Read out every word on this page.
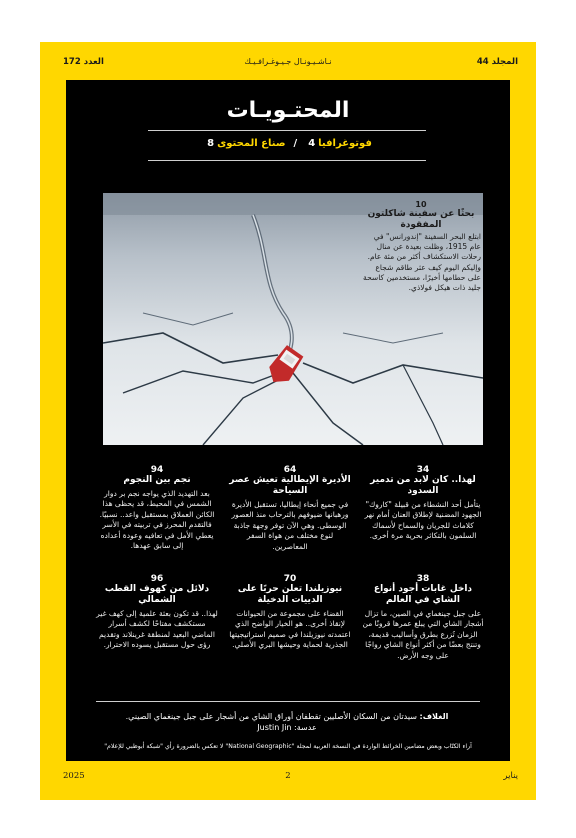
المجلد 44
نـاشـيـونـال جـيـوغـرافـيـك
العدد 172
المحتـويـات
فوتوغرافيا4/صناع المحتوى8
10
بحثًا عن سفينة شاكلتون المفقودة
ابتلع البحر السفينة "إندورانس" في عام 1915، وظلت بعيدة عن منال رحلات الاستكشاف أكثر من مئة عام. وإليكم اليوم كيف عثر طاقم شجاع على حطامها أخيرًا، مستخدمين كاسحة جليد ذات هيكل فولاذي.
34
لهذا.. كان لابد من تدمير السدود
يتأمل أحد النشطاء من قبيلة "كاروك" الجهود المضنية لإطلاق العنان أمام نهر كلاماث للجريان والسماح لأسماك السلمون بالتكاثر بحرية مرة أخرى.
64
الأديرة الإيطالية تعيش عصر السياحة
في جميع أنحاء إيطاليا، تستقبل الأديرة ورهبانها ضيوفهم بالترحاب منذ العصور الوسطى. وهي الآن توفر وجهة جاذبة لنوع مختلف من هواة السفر المعاصرين.
94
نجم بين النجوم
بعد التهديد الذي يواجه نجم بر دوار الشمس في المحيط، قد يحظى هذا الكائن العملاق بمستقبل واعد.. نسبيًا. فالتقدم المحرز في تربيته في الأسر يعطي الأمل في تعافيه وعودة أعداده إلى سابق عهدها.
38
داخل غابات أجود أنواع الشاي في العالم
على جبل جينغماي في الصين، ما تزال أشجار الشاي التي يبلغ عمرها قرونًا من الزمان تُزرع بطرق وأساليب قديمة، وتنتج بعضًا من أكثر أنواع الشاي رواجًا على وجه الأرض.
70
نيوزيلندا تعلن حربًا على الدييات الدخيلة
القضاء على مجموعة من الحيوانات لإنقاذ أخرى.. هو الخيار الواضح الذي اعتمدته نيوزيلندا في صميم استراتيجيتها الجذرية لحماية وحيشها البري الأصلي.
96
دلائل من كهوف القطب الشمالي
لهذا.. قد تكون بعثة علمية إلى كهف غير مستكشف مفتاحًا لكشف أسرار الماضي البعيد لمنطقة غرينلاند وتقديم رؤى حول مستقبل يسوده الاحترار.
الغلاف: سيدتان من السكان الأصليين تقطفان أوراق الشاي من أشجار على جبل جينغماي الصيني.
عدسة: Justin Jin
آراء الكتّاب وبعض مضامين الخرائط الواردة في النسخة العربية لمجلة "National Geographic" لا تعكس بالضرورة رأي "شبكة أبوظبي للإعلام"
يناير
2
2025
